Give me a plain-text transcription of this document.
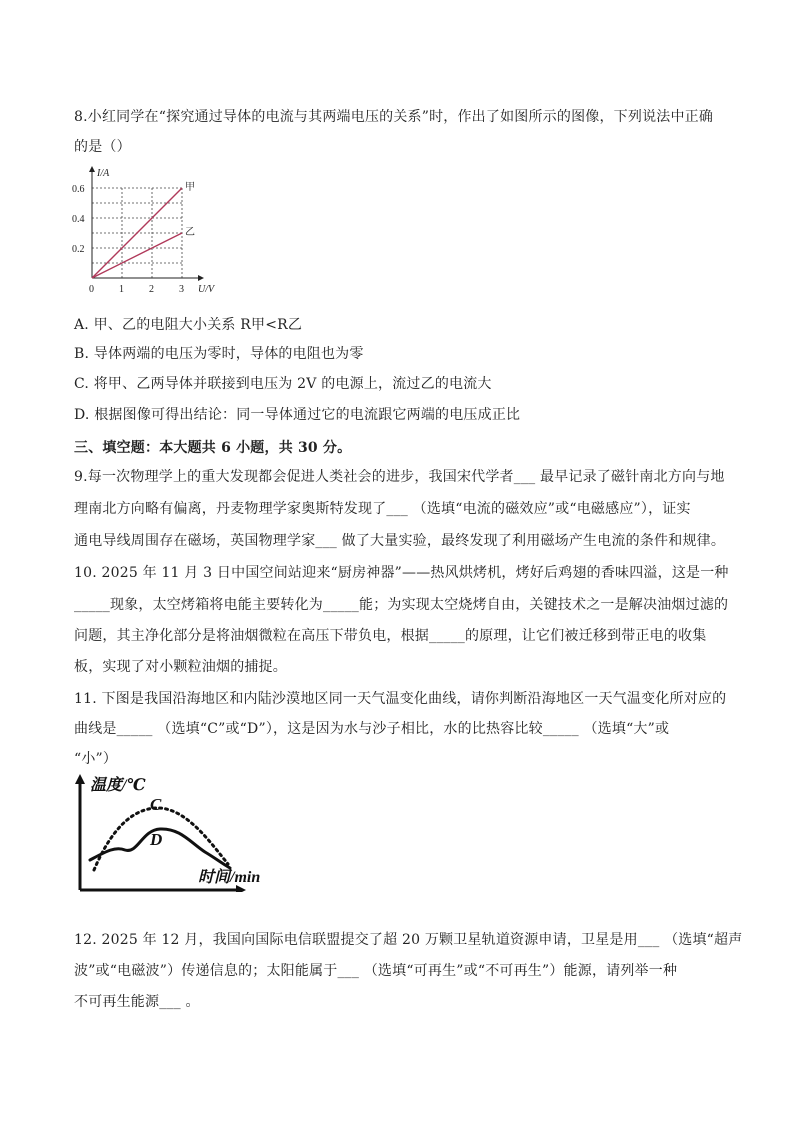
8.小红同学在“探究通过导体的电流与其两端电压的关系”时，作出了如图所示的图像，下列说法中正确
的是（）
甲
乙
0	1	2	3
0.2
0.4
0.6
I/A
U/V
A. 甲、乙的电阻大小关系 R甲<R乙
B. 导体两端的电压为零时，导体的电阻也为零
C. 将甲、乙两导体并联接到电压为 2V 的电源上，流过乙的电流大
D. 根据图像可得出结论：同一导体通过它的电流跟它两端的电压成正比
三、填空题：本大题共 6 小题，共 30 分。
9.每一次物理学上的重大发现都会促进人类社会的进步，我国宋代学者___ 最早记录了磁针南北方向与地
理南北方向略有偏离，丹麦物理学家奥斯特发现了___ （选填“电流的磁效应”或“电磁感应”），证实
通电导线周围存在磁场，英国物理学家___ 做了大量实验，最终发现了利用磁场产生电流的条件和规律。
10. 2025 年 11 月 3 日中国空间站迎来“厨房神器”——热风烘烤机，烤好后鸡翅的香味四溢，这是一种
_____现象，太空烤箱将电能主要转化为_____能；为实现太空烧烤自由，关键技术之一是解决油烟过滤的
问题，其主净化部分是将油烟微粒在高压下带负电，根据_____的原理，让它们被迁移到带正电的收集
板，实现了对小颗粒油烟的捕捉。
11. 下图是我国沿海地区和内陆沙漠地区同一天气温变化曲线，请你判断沿海地区一天气温变化所对应的
曲线是_____ （选填“C”或“D”），这是因为水与沙子相比，水的比热容比较_____ （选填“大”或
“小”）
温度/℃
时间/min
C
D
12. 2025 年 12 月，我国向国际电信联盟提交了超 20 万颗卫星轨道资源申请，卫星是用___ （选填“超声
波”或“电磁波”）传递信息的；太阳能属于___ （选填“可再生”或“不可再生”）能源，请列举一种
不可再生能源___ 。
